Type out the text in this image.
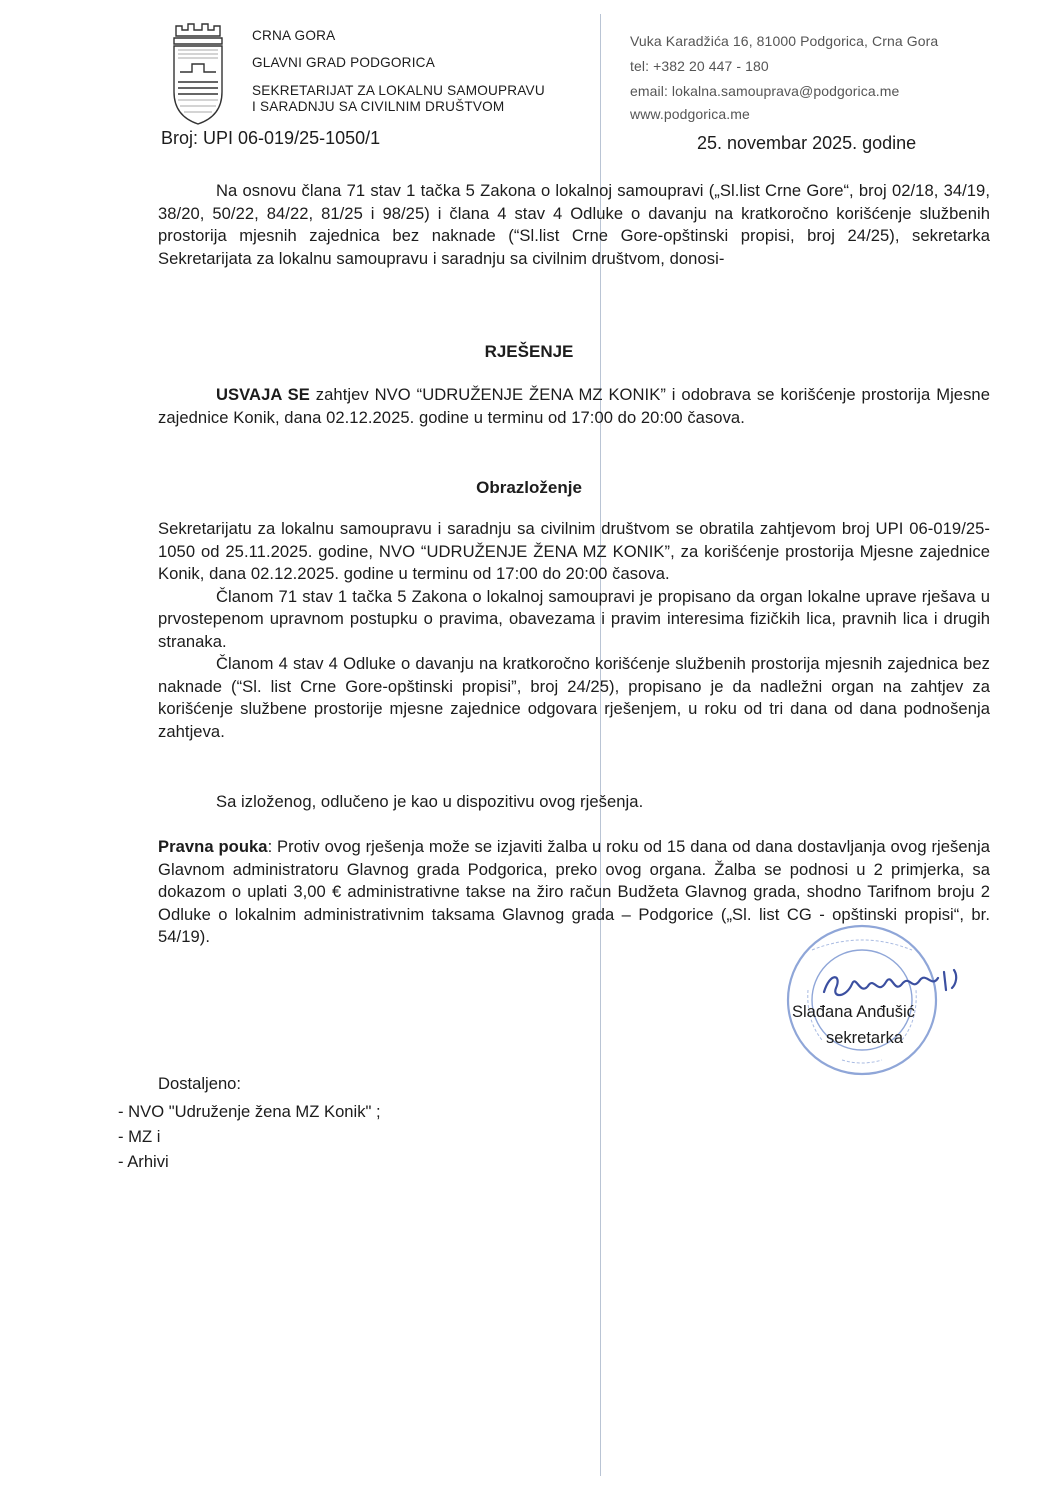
CRNA GORA
GLAVNI GRAD PODGORICA
SEKRETARIJAT ZA LOKALNU SAMOUPRAVU
I SARADNJU SA CIVILNIM DRUŠTVOM
Vuka Karadžića 16, 81000 Podgorica, Crna Gora
tel: +382 20 447 - 180
email: lokalna.samouprava@podgorica.me
www.podgorica.me
Broj: UPI 06-019/25-1050/1	25. novembar 2025. godine

Na osnovu člana 71 stav 1 tačka 5 Zakona o lokalnoj samoupravi („Sl.list Crne Gore“, broj 02/18, 34/19, 38/20, 50/22, 84/22, 81/25 i 98/25) i člana 4 stav 4 Odluke o davanju na kratkoročno korišćenje službenih prostorija mjesnih zajednica bez naknade (“Sl.list Crne Gore-opštinski propisi, broj 24/25), sekretarka Sekretarijata za lokalnu samoupravu i saradnju sa civilnim društvom, donosi-

RJEŠENJE

USVAJA SE zahtjev NVO “UDRUŽENJE ŽENA MZ KONIK” i odobrava se korišćenje prostorija Mjesne zajednice Konik, dana 02.12.2025. godine u terminu od 17:00 do 20:00 časova.

Obrazloženje

Sekretarijatu za lokalnu samoupravu i saradnju sa civilnim društvom se obratila zahtjevom broj UPI 06-019/25-1050 od 25.11.2025. godine, NVO “UDRUŽENJE ŽENA MZ KONIK”, za korišćenje prostorija Mjesne zajednice Konik, dana 02.12.2025. godine u terminu od 17:00 do 20:00 časova.

Članom 71 stav 1 tačka 5 Zakona o lokalnoj samoupravi je propisano da organ lokalne uprave rješava u prvostepenom upravnom postupku o pravima, obavezama i pravim interesima fizičkih lica, pravnih lica i drugih stranaka.

Članom 4 stav 4 Odluke o davanju na kratkoročno korišćenje službenih prostorija mjesnih zajednica bez naknade (“Sl. list Crne Gore-opštinski propisi”, broj 24/25), propisano je da nadležni organ na zahtjev za korišćenje službene prostorije mjesne zajednice odgovara rješenjem, u roku od tri dana od dana podnošenja zahtjeva.

Sa izloženog, odlučeno je kao u dispozitivu ovog rješenja.

Pravna pouka: Protiv ovog rješenja može se izjaviti žalba u roku od 15 dana od dana dostavljanja ovog rješenja Glavnom administratoru Glavnog grada Podgorica, preko ovog organa. Žalba se podnosi u 2 primjerka, sa dokazom o uplati 3,00 € administrativne takse na žiro račun Budžeta Glavnog grada, shodno Tarifnom broju 2 Odluke o lokalnim administrativnim taksama Glavnog grada – Podgorice („Sl. list CG - opštinski propisi“, br. 54/19).

Slađana Anđušić
sekretarka
Dostaljeno:
- NVO "Udruženje žena MZ Konik" ;
- MZ i
- Arhivi
